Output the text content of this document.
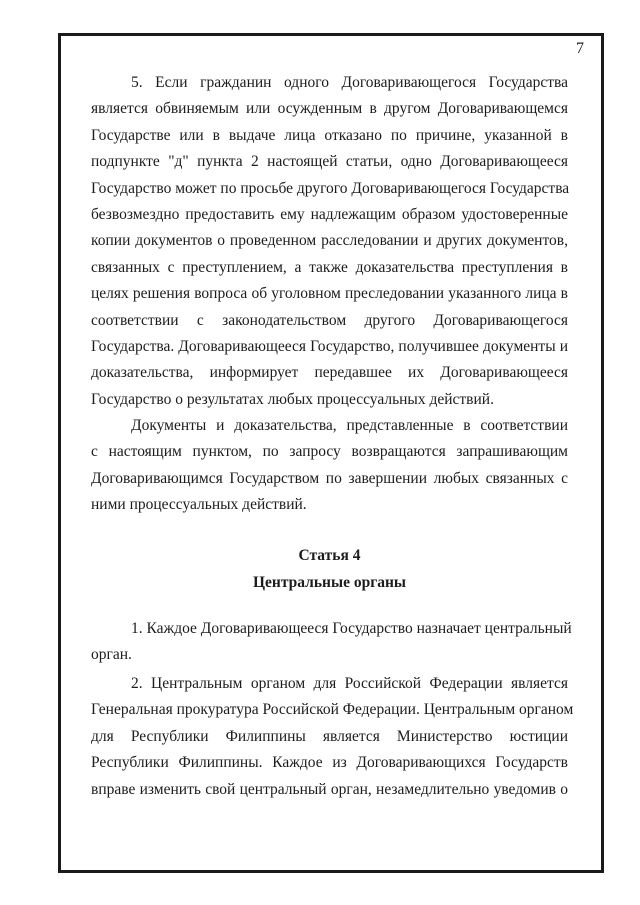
7
5. Если гражданин одного Договаривающегося Государства
является обвиняемым или осужденным в другом Договаривающемся
Государстве или в выдаче лица отказано по причине, указанной в
подпункте "д" пункта 2 настоящей статьи, одно Договаривающееся
Государство может по просьбе другого Договаривающегося Государства
безвозмездно предоставить ему надлежащим образом удостоверенные
копии документов о проведенном расследовании и других документов,
связанных с преступлением, а также доказательства преступления в
целях решения вопроса об уголовном преследовании указанного лица в
соответствии с законодательством другого Договаривающегося
Государства. Договаривающееся Государство, получившее документы и
доказательства, информирует передавшее их Договаривающееся
Государство о результатах любых процессуальных действий.
Документы и доказательства, представленные в соответствии
с настоящим пунктом, по запросу возвращаются запрашивающим
Договаривающимся Государством по завершении любых связанных с
ними процессуальных действий.
Статья 4
Центральные органы
1. Каждое Договаривающееся Государство назначает центральный
орган.
2. Центральным органом для Российской Федерации является
Генеральная прокуратура Российской Федерации. Центральным органом
для Республики Филиппины является Министерство юстиции
Республики Филиппины. Каждое из Договаривающихся Государств
вправе изменить свой центральный орган, незамедлительно уведомив о
